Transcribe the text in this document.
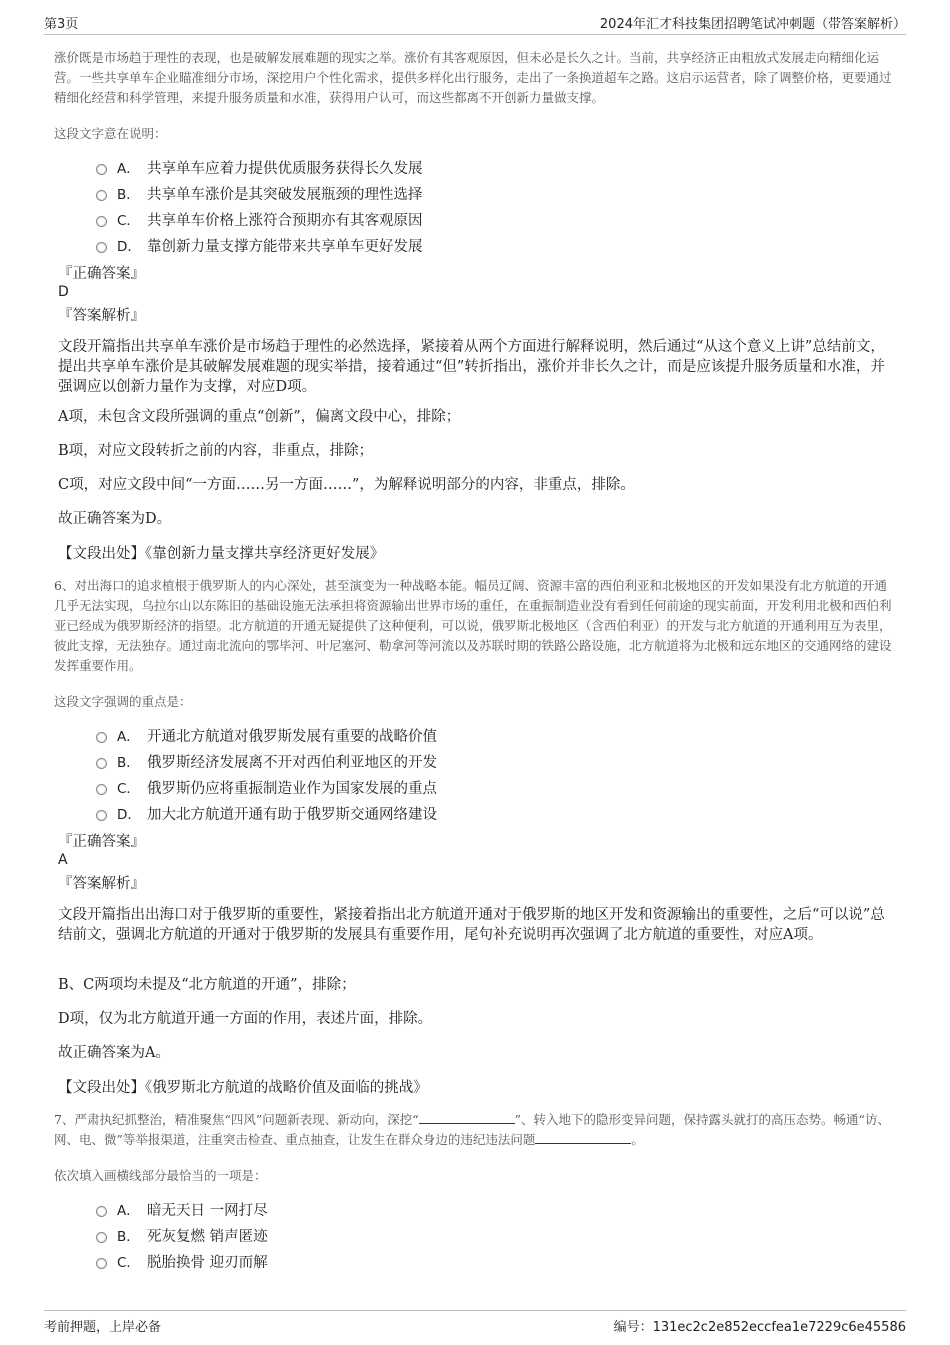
第3页	2024年汇才科技集团招聘笔试冲刺题（带答案解析）
涨价既是市场趋于理性的表现，也是破解发展难题的现实之举。涨价有其客观原因，但未必是长久之计。当前，共享经济正由粗放式发展走向精细化运营。一些共享单车企业瞄准细分市场，深挖用户个性化需求，提供多样化出行服务，走出了一条换道超车之路。这启示运营者，除了调整价格，更要通过精细化经营和科学管理，来提升服务质量和水准，获得用户认可，而这些都离不开创新力量做支撑。
这段文字意在说明：
A． 共享单车应着力提供优质服务获得长久发展
B． 共享单车涨价是其突破发展瓶颈的理性选择
C． 共享单车价格上涨符合预期亦有其客观原因
D． 靠创新力量支撑方能带来共享单车更好发展
『正确答案』
D
『答案解析』
文段开篇指出共享单车涨价是市场趋于理性的必然选择，紧接着从两个方面进行解释说明，然后通过“从这个意义上讲”总结前文，提出共享单车涨价是其破解发展难题的现实举措，接着通过“但”转折指出，涨价并非长久之计，而是应该提升服务质量和水准，并强调应以创新力量作为支撑，对应D项。
A项，未包含文段所强调的重点“创新”，偏离文段中心，排除；
B项，对应文段转折之前的内容，非重点，排除；
C项，对应文段中间“一方面……另一方面……”，为解释说明部分的内容，非重点，排除。
故正确答案为D。
【文段出处】《靠创新力量支撑共享经济更好发展》
6、对出海口的追求植根于俄罗斯人的内心深处，甚至演变为一种战略本能。幅员辽阔、资源丰富的西伯利亚和北极地区的开发如果没有北方航道的开通几乎无法实现，乌拉尔山以东陈旧的基础设施无法承担将资源输出世界市场的重任，在重振制造业没有看到任何前途的现实前面，开发利用北极和西伯利亚已经成为俄罗斯经济的指望。北方航道的开通无疑提供了这种便利，可以说，俄罗斯北极地区（含西伯利亚）的开发与北方航道的开通利用互为表里，彼此支撑，无法独存。通过南北流向的鄂毕河、叶尼塞河、勒拿河等河流以及苏联时期的铁路公路设施，北方航道将为北极和远东地区的交通网络的建设发挥重要作用。
这段文字强调的重点是：
A． 开通北方航道对俄罗斯发展有重要的战略价值
B． 俄罗斯经济发展离不开对西伯利亚地区的开发
C． 俄罗斯仍应将重振制造业作为国家发展的重点
D． 加大北方航道开通有助于俄罗斯交通网络建设
『正确答案』
A
『答案解析』
文段开篇指出出海口对于俄罗斯的重要性，紧接着指出北方航道开通对于俄罗斯的地区开发和资源输出的重要性，之后“可以说”总结前文，强调北方航道的开通对于俄罗斯的发展具有重要作用，尾句补充说明再次强调了北方航道的重要性，对应A项。
B、C两项均未提及“北方航道的开通”，排除；
D项，仅为北方航道开通一方面的作用，表述片面，排除。
故正确答案为A。
【文段出处】《俄罗斯北方航道的战略价值及面临的挑战》
7、严肃执纪抓整治，精准聚焦“四风”问题新表现、新动向，深挖“	”、转入地下的隐形变异问题，保持露头就打的高压态势。畅通“访、网、电、微”等举报渠道，注重突击检查、重点抽查，让发生在群众身边的违纪违法问题	。
依次填入画横线部分最恰当的一项是：
A． 暗无天日 一网打尽
B． 死灰复燃 销声匿迹
C． 脱胎换骨 迎刃而解
考前押题，上岸必备	编号：131ec2c2e852eccfea1e7229c6e45586
